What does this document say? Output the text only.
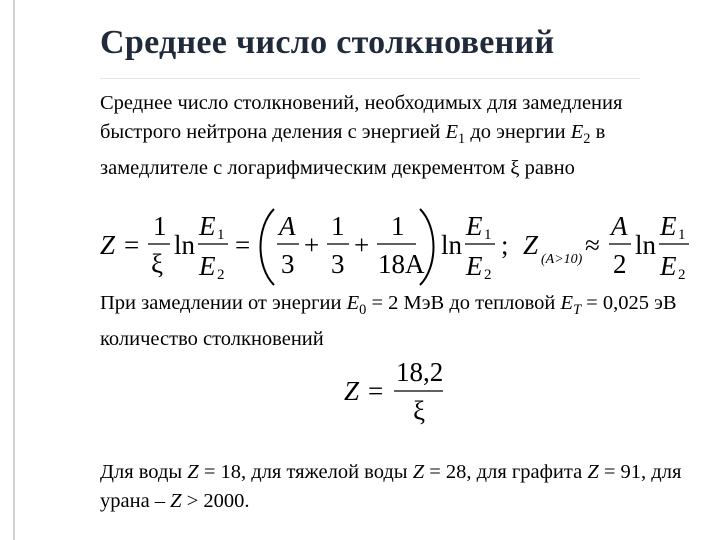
Среднее число столкновений
Среднее число столкновений, необходимых для замедления быстрого нейтрона деления с энергией $E_1$ до энергии $E_2$ в замедлителе с логарифмическим декрементом ξ равно
Z =
1
ξ
ln
E 1
E 2
=
A
3
+
1
3
+
1
18A
ln
E 1
E 2
; Z (A>10) ≈
A
2
ln
E 1
E 2
При замедлении от энергии $E_0 = 2$ МэВ до тепловой $E_T = 0,025$ эВ количество столкновений
Z =
18,2
ξ
Для воды Z = 18, для тяжелой воды Z = 28, для графита Z = 91, для урана – Z > 2000.
